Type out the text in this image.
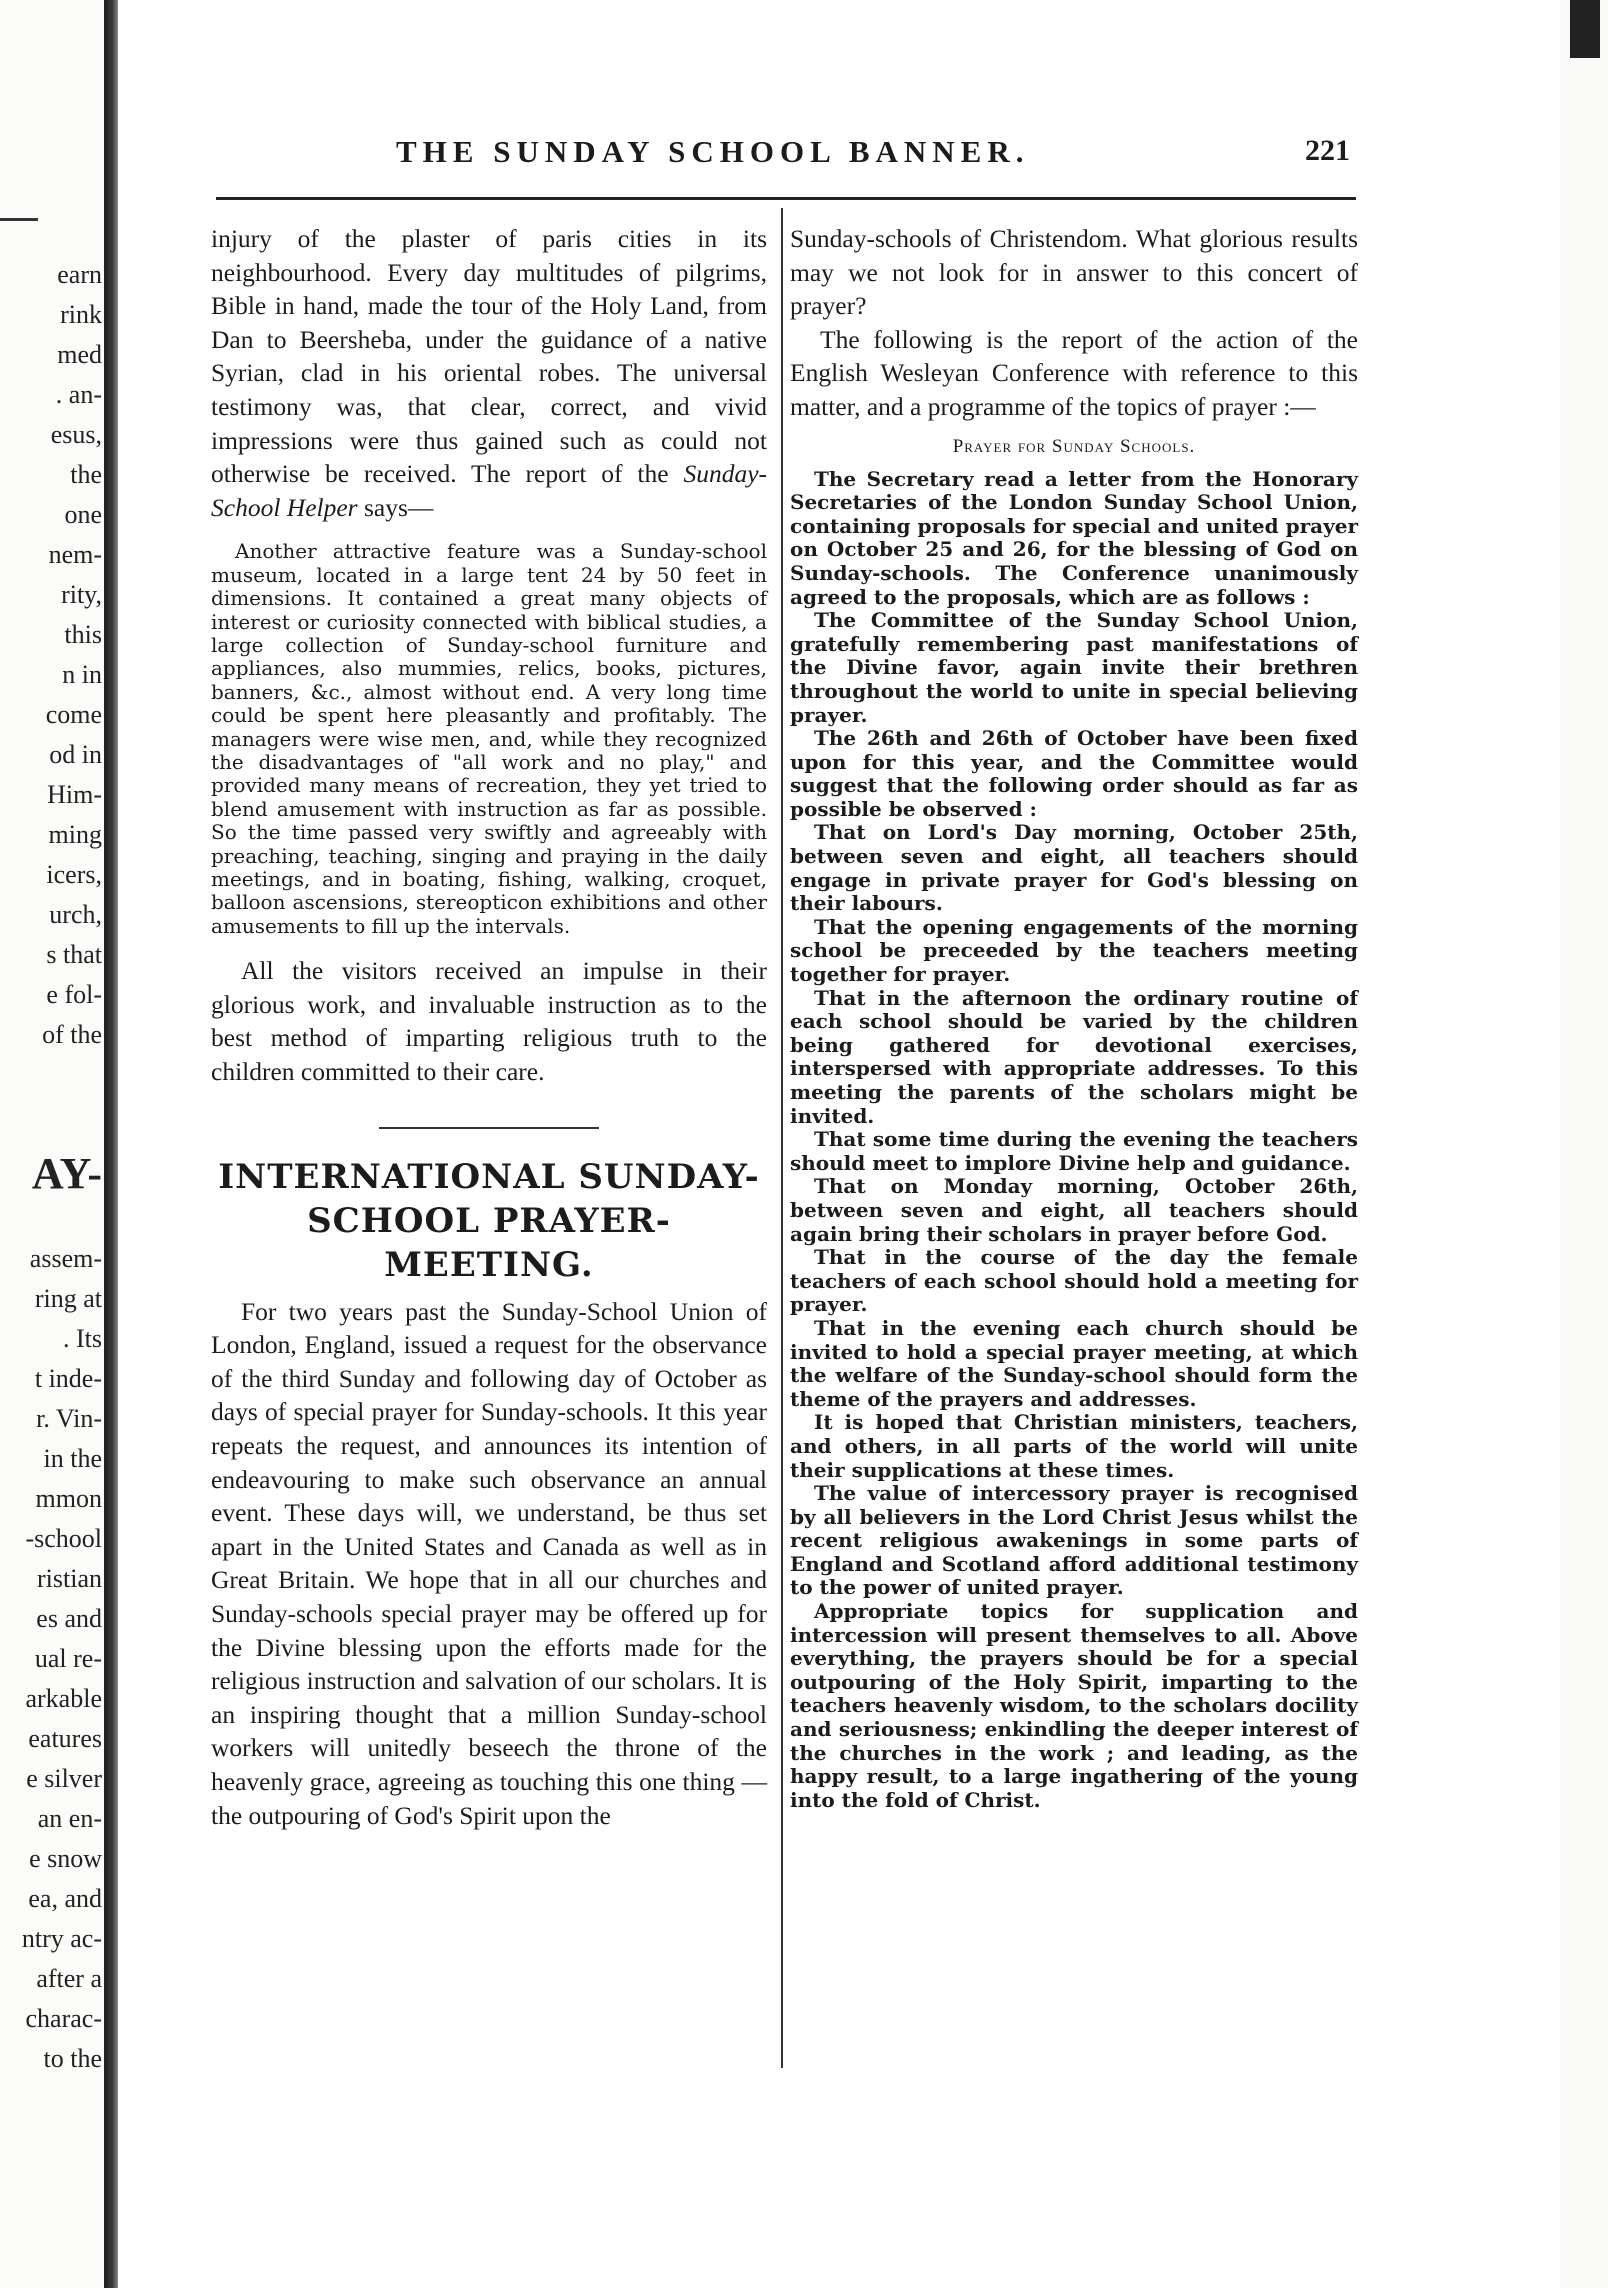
earn
rink
med
. an-
esus,
the
one
nem-
rity,
this
n in
come
od in
Him-
ming
icers,
urch,
s that
e fol-
of the
AY-
assem-
ring at
. Its
t inde-
r. Vin-
in the
mmon
-school
ristian
es and
ual re-
arkable
eatures
e silver
an en-
e snow
ea, and
ntry ac-
after a
charac-
to the
THE SUNDAY SCHOOL BANNER.	221

injury of the plaster of paris cities in its neighbourhood. Every day multitudes of pilgrims, Bible in hand, made the tour of the Holy Land, from Dan to Beersheba, under the guidance of a native Syrian, clad in his oriental robes. The universal testimony was, that clear, correct, and vivid impressions were thus gained such as could not otherwise be received. The report of the Sunday-School Helper says—

Another attractive feature was a Sunday-school museum, located in a large tent 24 by 50 feet in dimensions. It contained a great many objects of interest or curiosity connected with biblical studies, a large collection of Sunday-school furniture and appliances, also mummies, relics, books, pictures, banners, &c., almost without end. A very long time could be spent here pleasantly and profitably. The managers were wise men, and, while they recognized the disadvantages of "all work and no play," and provided many means of recreation, they yet tried to blend amusement with instruction as far as possible. So the time passed very swiftly and agreeably with preaching, teaching, singing and praying in the daily meetings, and in boating, fishing, walking, croquet, balloon ascensions, stereopticon exhibitions and other amusements to fill up the intervals.

All the visitors received an impulse in their glorious work, and invaluable instruction as to the best method of imparting religious truth to the children committed to their care.

INTERNATIONAL SUNDAY-

SCHOOL PRAYER-MEETING.

For two years past the Sunday-School Union of London, England, issued a request for the observance of the third Sunday and following day of October as days of special prayer for Sunday-schools. It this year repeats the request, and announces its intention of endeavouring to make such observance an annual event. These days will, we understand, be thus set apart in the United States and Canada as well as in Great Britain. We hope that in all our churches and Sunday-schools special prayer may be offered up for the Divine blessing upon the efforts made for the religious instruction and salvation of our scholars. It is an inspiring thought that a million Sunday-school workers will unitedly beseech the throne of the heavenly grace, agreeing as touching this one thing —the outpouring of God's Spirit upon the

Sunday-schools of Christendom. What glorious results may we not look for in answer to this concert of prayer?

The following is the report of the action of the English Wesleyan Conference with reference to this matter, and a programme of the topics of prayer :—

Prayer for Sunday Schools.

The Secretary read a letter from the Honorary Secretaries of the London Sunday School Union, containing proposals for special and united prayer on October 25 and 26, for the blessing of God on Sunday-schools. The Conference unanimously agreed to the proposals, which are as follows :

The Committee of the Sunday School Union, gratefully remembering past manifestations of the Divine favor, again invite their brethren throughout the world to unite in special believing prayer.

The 26th and 26th of October have been fixed upon for this year, and the Committee would suggest that the following order should as far as possible be observed :

That on Lord's Day morning, October 25th, between seven and eight, all teachers should engage in private prayer for God's blessing on their labours.

That the opening engagements of the morning school be preceeded by the teachers meeting together for prayer.

That in the afternoon the ordinary routine of each school should be varied by the children being gathered for devotional exercises, interspersed with appropriate addresses. To this meeting the parents of the scholars might be invited.

That some time during the evening the teachers should meet to implore Divine help and guidance.

That on Monday morning, October 26th, between seven and eight, all teachers should again bring their scholars in prayer before God.

That in the course of the day the female teachers of each school should hold a meeting for prayer.

That in the evening each church should be invited to hold a special prayer meeting, at which the welfare of the Sunday-school should form the theme of the prayers and addresses.

It is hoped that Christian ministers, teachers, and others, in all parts of the world will unite their supplications at these times.

The value of intercessory prayer is recognised by all believers in the Lord Christ Jesus whilst the recent religious awakenings in some parts of England and Scotland afford additional testimony to the power of united prayer.

Appropriate topics for supplication and intercession will present themselves to all. Above everything, the prayers should be for a special outpouring of the Holy Spirit, imparting to the teachers heavenly wisdom, to the scholars docility and seriousness; enkindling the deeper interest of the churches in the work ; and leading, as the happy result, to a large ingathering of the young into the fold of Christ.
